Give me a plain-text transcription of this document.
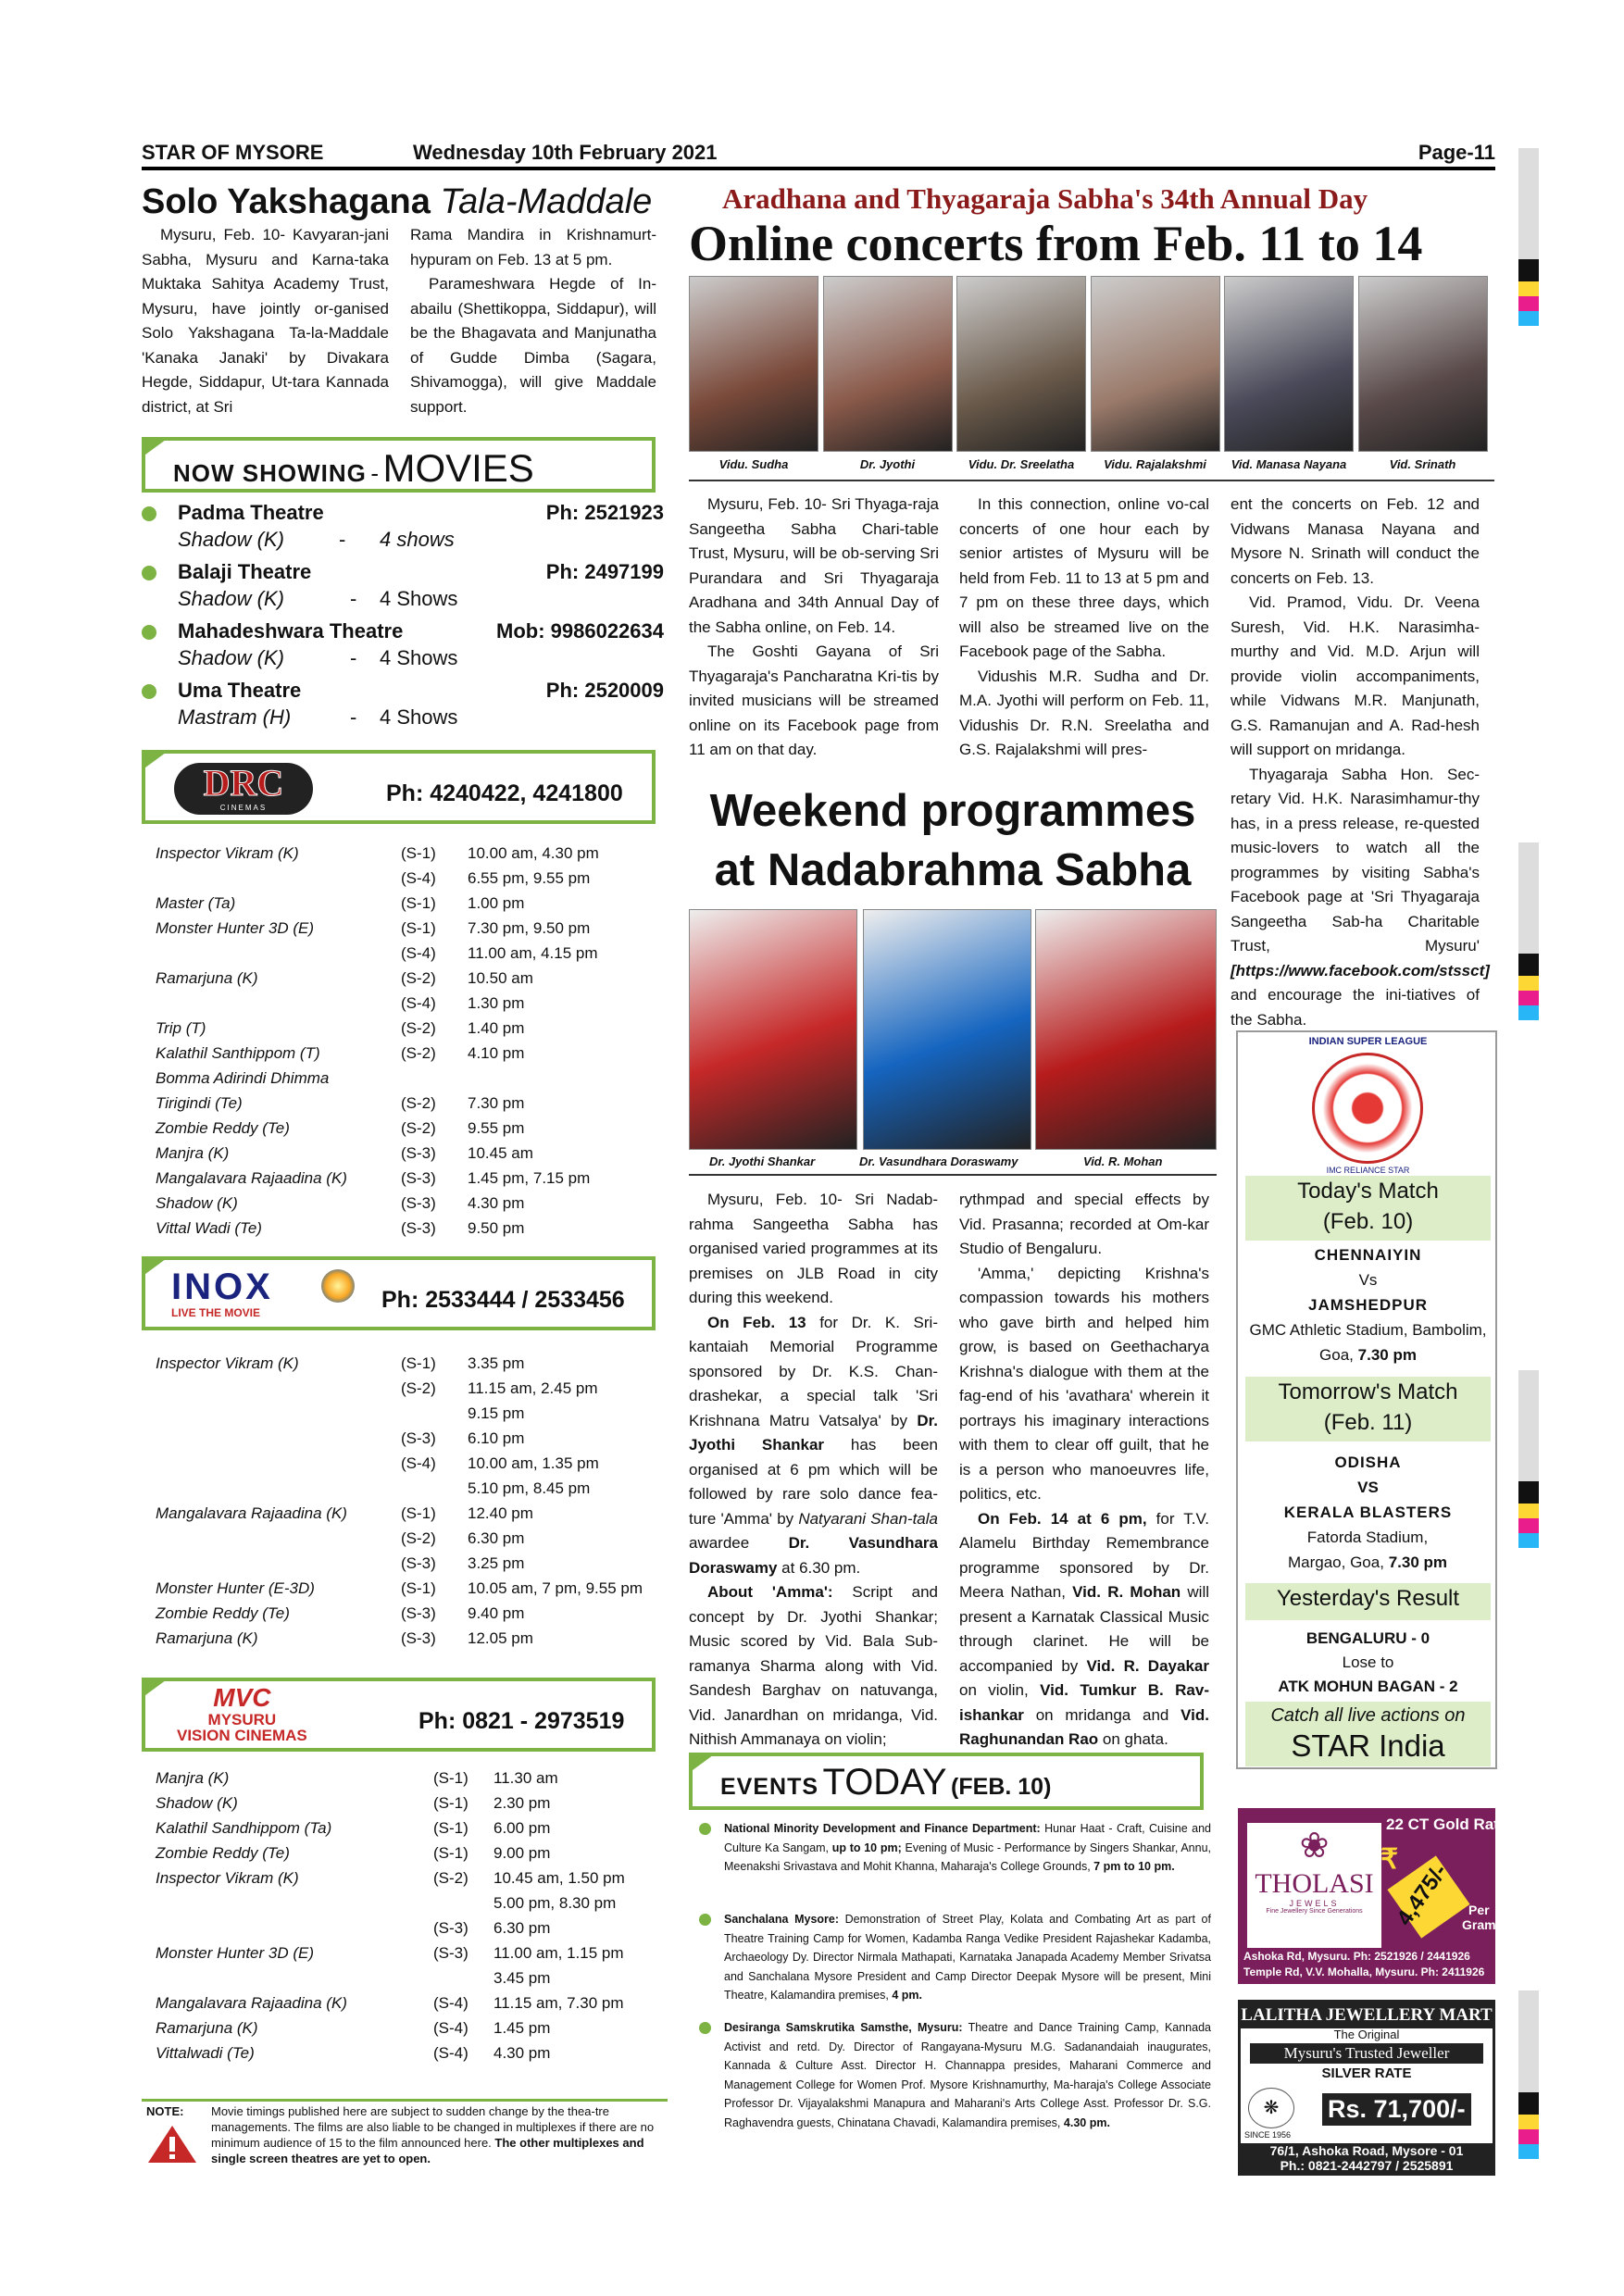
STAR OF MYSORE	Wednesday 10th February 2021	Page-11
Solo Yakshagana Tala-Maddale

Mysuru, Feb. 10- Kavyaran-jani Sabha, Mysuru and Karna-taka Muktaka Sahitya Academy Trust, Mysuru, have jointly or-ganised Solo Yakshagana Ta-la-Maddale 'Kanaka Janaki' by Divakara Hegde, Siddapur, Ut-tara Kannada district, at Sri

Rama Mandira in Krishnamurt-hypuram on Feb. 13 at 5 pm.

Parameshwara Hegde of In-abailu (Shettikoppa, Siddapur), will be the Bhagavata and Manjunatha of Gudde Dimba (Sagara, Shivamogga), will give Maddale support.

NOW SHOWING - MOVIES
Padma Theatre	Ph: 2521923
Shadow (K)	- 4 shows
Balaji Theatre	Ph: 2497199
Shadow (K)	- 4 Shows
Mahadeshwara Theatre	Mob: 9986022634
Shadow (K)	- 4 Shows
Uma Theatre	Ph: 2520009
Mastram (H)	- 4 Shows
DRC
CINEMAS
Ph: 4240422, 4241800
Inspector Vikram (K)	(S-1) 10.00 am, 4.30 pm
(S-4) 6.55 pm, 9.55 pm
Master (Ta)	(S-1) 1.00 pm
Monster Hunter 3D (E)	(S-1) 7.30 pm, 9.50 pm
(S-4) 11.00 am, 4.15 pm
Ramarjuna (K)	(S-2) 10.50 am
(S-4) 1.30 pm
Trip (T)	(S-2) 1.40 pm
Kalathil Santhippom (T)	(S-2) 4.10 pm
Bomma Adirindi Dhimma
Tirigindi (Te)	(S-2) 7.30 pm
Zombie Reddy (Te)	(S-2) 9.55 pm
Manjra (K)	(S-3) 10.45 am
Mangalavara Rajaadina (K)	(S-3) 1.45 pm, 7.15 pm
Shadow (K)	(S-3) 4.30 pm
Vittal Wadi (Te)	(S-3) 9.50 pm
INOX
LIVE THE MOVIE	Ph: 2533444 / 2533456
Inspector Vikram (K)	(S-1) 3.35 pm
(S-2) 11.15 am, 2.45 pm
9.15 pm
(S-3) 6.10 pm
(S-4) 10.00 am, 1.35 pm
5.10 pm, 8.45 pm
Mangalavara Rajaadina (K)	(S-1) 12.40 pm
(S-2) 6.30 pm
(S-3) 3.25 pm
Monster Hunter (E-3D)	(S-1) 10.05 am, 7 pm, 9.55 pm
Zombie Reddy (Te)	(S-3) 9.40 pm
Ramarjuna (K)	(S-3) 12.05 pm
MVC
MYSURU
VISION CINEMAS
Ph: 0821 - 2973519
Manjra (K)	(S-1) 11.30 am
Shadow (K)	(S-1) 2.30 pm
Kalathil Sandhippom (Ta)	(S-1) 6.00 pm
Zombie Reddy (Te)	(S-1) 9.00 pm
Inspector Vikram (K)	(S-2) 10.45 am, 1.50 pm
5.00 pm, 8.30 pm
(S-3) 6.30 pm
Monster Hunter 3D (E)	(S-3) 11.00 am, 1.15 pm
3.45 pm
Mangalavara Rajaadina (K)	(S-4) 11.15 am, 7.30 pm
Ramarjuna (K)	(S-4) 1.45 pm
Vittalwadi (Te)	(S-4) 4.30 pm
NOTE: Movie timings published here are subject to sudden change by the thea-tre managements. The films are also liable to be changed in multiplexes if there are no minimum audience of 15 to the film announced here. The other multiplexes and single screen theatres are yet to open.
Aradhana and Thyagaraja Sabha's 34th Annual Day
Online concerts from Feb. 11 to 14
Vidu. Sudha	Dr. Jyothi	Vidu. Dr. Sreelatha	Vidu. Rajalakshmi	Vid. Manasa Nayana	Vid. Srinath

Mysuru, Feb. 10- Sri Thyaga-raja Sangeetha Sabha Chari-table Trust, Mysuru, will be ob-serving Sri Purandara and Sri Thyagaraja Aradhana and 34th Annual Day of the Sabha online, on Feb. 14.

The Goshti Gayana of Sri Thyagaraja's Pancharatna Kri-tis by invited musicians will be streamed online on its Facebook page from 11 am on that day.

In this connection, online vo-cal concerts of one hour each by senior artistes of Mysuru will be held from Feb. 11 to 13 at 5 pm and 7 pm on these three days, which will also be streamed live on the Facebook page of the Sabha.

Vidushis M.R. Sudha and Dr. M.A. Jyothi will perform on Feb. 11, Vidushis Dr. R.N. Sreelatha and G.S. Rajalakshmi will pres-

ent the concerts on Feb. 12 and Vidwans Manasa Nayana and Mysore N. Srinath will conduct the concerts on Feb. 13.

Vid. Pramod, Vidu. Dr. Veena Suresh, Vid. H.K. Narasimha-murthy and Vid. M.D. Arjun will provide violin accompaniments, while Vidwans M.R. Manjunath, G.S. Ramanujan and A. Rad-hesh will support on mridanga.

Thyagaraja Sabha Hon. Sec-retary Vid. H.K. Narasimhamur-thy has, in a press release, re-quested music-lovers to watch all the programmes by visiting Sabha's Facebook page at 'Sri Thyagaraja Sangeetha Sab-ha Charitable Trust, Mysuru' [https://www.facebook.com/stssct] and encourage the ini-tiatives of the Sabha.

Weekend programmes
at Nadabrahma Sabha
Dr. Jyothi Shankar	Dr. Vasundhara Doraswamy	Vid. R. Mohan

Mysuru, Feb. 10- Sri Nadab-rahma Sangeetha Sabha has organised varied programmes at its premises on JLB Road in city during this weekend.

On Feb. 13 for Dr. K. Sri-kantaiah Memorial Programme sponsored by Dr. K.S. Chan-drashekar, a special talk 'Sri Krishnana Matru Vatsalya' by Dr. Jyothi Shankar has been organised at 6 pm which will be followed by rare solo dance fea-ture 'Amma' by Natyarani Shan-tala awardee Dr. Vasundhara Doraswamy at 6.30 pm.

About 'Amma': Script and concept by Dr. Jyothi Shankar; Music scored by Vid. Bala Sub-ramanya Sharma along with Vid. Sandesh Barghav on natuvanga, Vid. Janardhan on mridanga, Vid. Nithish Ammanaya on violin;

rythmpad and special effects by Vid. Prasanna; recorded at Om-kar Studio of Bengaluru.

'Amma,' depicting Krishna's compassion towards his mothers who gave birth and helped him grow, is based on Geethacharya Krishna's dialogue with them at the fag-end of his 'avathara' wherein it portrays his imaginary interactions with them to clear off guilt, that he is a person who manoeuvres life, politics, etc.

On Feb. 14 at 6 pm, for T.V. Alamelu Birthday Remembrance programme sponsored by Dr. Meera Nathan, Vid. R. Mohan will present a Karnatak Classical Music through clarinet. He will be accompanied by Vid. R. Dayakar on violin, Vid. Tumkur B. Rav-ishankar on mridanga and Vid. Raghunandan Rao on ghata.

EVENTS TODAY (FEB. 10)
National Minority Development and Finance Department: Hunar Haat - Craft, Cuisine and Culture Ka Sangam, up to 10 pm; Evening of Music - Performance by Singers Shankar, Annu, Meenakshi Srivastava and Mohit Khanna, Maharaja's College Grounds, 7 pm to 10 pm.
Sanchalana Mysore: Demonstration of Street Play, Kolata and Combating Art as part of Theatre Training Camp for Women, Kadamba Ranga Vedike President Rajashekar Kadamba, Archaeology Dy. Director Nirmala Mathapati, Karnataka Janapada Academy Member Srivatsa and Sanchalana Mysore President and Camp Director Deepak Mysore will be present, Mini Theatre, Kalamandira premises, 4 pm.
Desiranga Samskrutika Samsthe, Mysuru: Theatre and Dance Training Camp, Kannada Activist and retd. Dy. Director of Rangayana-Mysuru M.G. Sadanandaiah inaugurates, Kannada & Culture Asst. Director H. Channappa presides, Maharani Commerce and Management College for Women Prof. Mysore Krishnamurthy, Ma-haraja's College Associate Professor Dr. Vijayalakshmi Manapura and Maharani's Arts College Asst. Professor Dr. S.G. Raghavendra guests, Chinatana Chavadi, Kalamandira premises, 4.30 pm.
INDIAN SUPER LEAGUE
IMC RELIANCE STAR
Today's Match
(Feb. 10)
CHENNAIYIN
Vs
JAMSHEDPUR
GMC Athletic Stadium, Bambolim, Goa, 7.30 pm
Tomorrow's Match
(Feb. 11)
ODISHA
VS
KERALA BLASTERS
Fatorda Stadium, Margao, Goa, 7.30 pm
Yesterday's Result
BENGALURU - 0
Lose to
ATK MOHUN BAGAN - 2
Catch all live actions on
STAR India
❀
THOLASI
JEWELS
Fine Jewellery Since Generations
22 CT Gold Rate
₹
4,475/-	Per
Gram
Ashoka Rd, Mysuru. Ph: 2521926 / 2441926
Temple Rd, V.V. Mohalla, Mysuru. Ph: 2411926
LALITHA JEWELLERY MART
The Original
Mysuru's Trusted Jeweller
SILVER RATE
❋
SINCE 1956
Rs. 71,700/-
76/1, Ashoka Road, Mysore - 01
Ph.: 0821-2442797 / 2525891
